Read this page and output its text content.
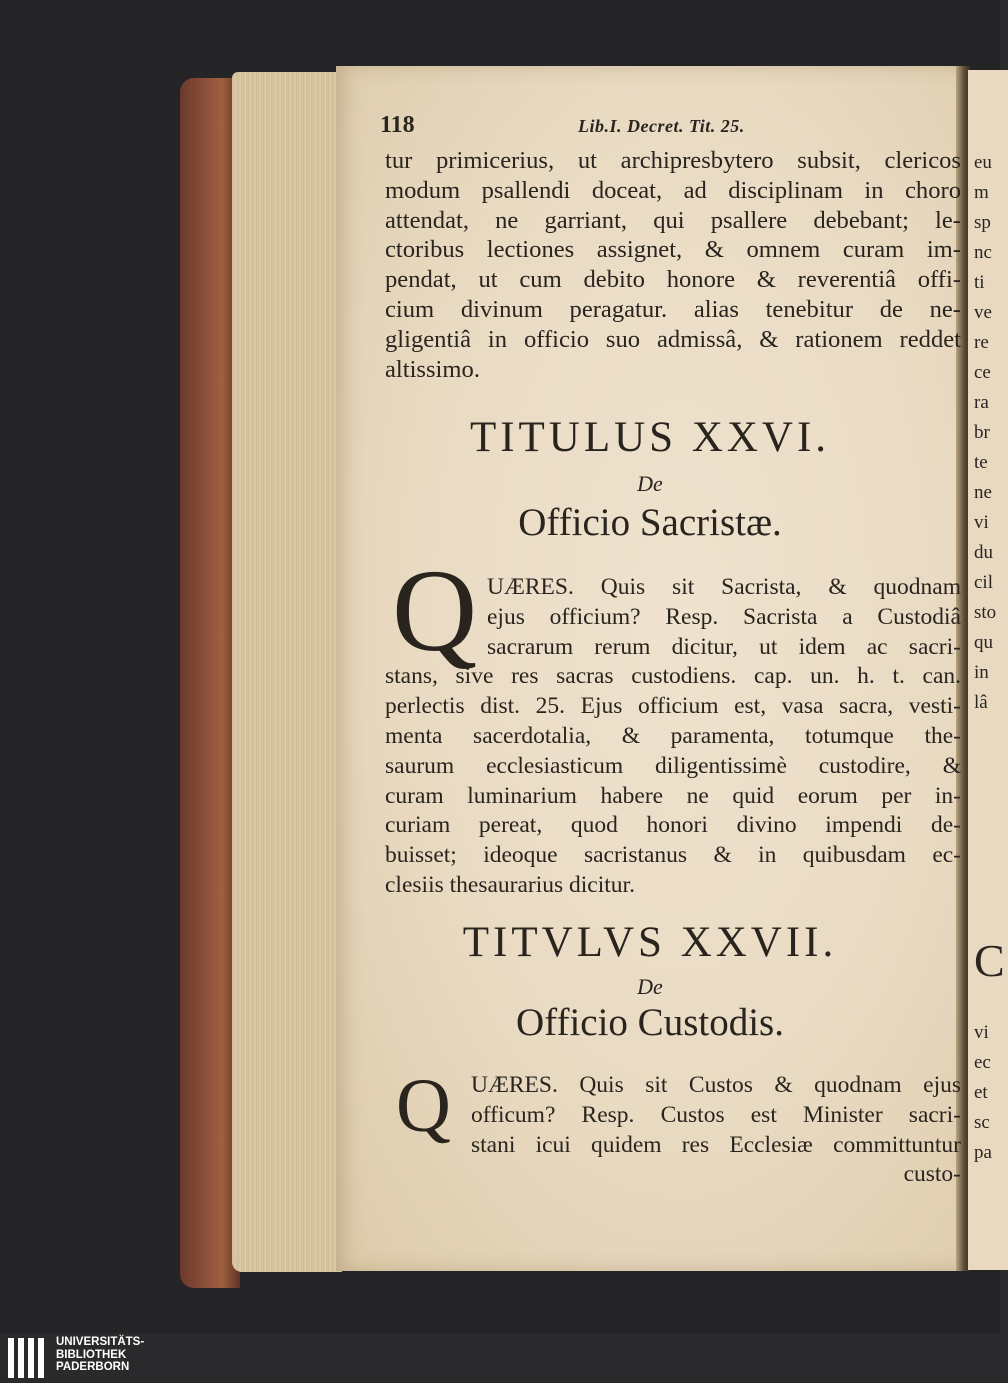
eu
m
sp
nc
ti
ve
re
ce
ra
br
te
ne
vi
du
cil
sto
qu
in
lâ
C
vi
ec
et
sc
pa
118	Lib.I. Decret. Tit. 25.
tur primicerius, ut archipresbytero subsit, clericos
modum psallendi doceat, ad disciplinam in choro
attendat, ne garriant, qui psallere debebant; le-
ctoribus lectiones assignet, & omnem curam im-
pendat, ut cum debito honore & reverentiâ offi-
cium divinum peragatur. alias tenebitur de ne-
gligentiâ in officio suo admissâ, & rationem reddet
altissimo.
TITULUS XXVI.
De
Officio Sacristæ.
Q UÆRES. Quis sit Sacrista, & quodnam
ejus officium? Resp. Sacrista a Custodiâ
sacrarum rerum dicitur, ut idem ac sacri-
stans, sive res sacras custodiens. cap. un. h. t. can.
perlectis dist. 25. Ejus officium est, vasa sacra, vesti-
menta sacerdotalia, & paramenta, totumque the-
saurum ecclesiasticum diligentissimè custodire, &
curam luminarium habere ne quid eorum per in-
curiam pereat, quod honori divino impendi de-
buisset; ideoque sacristanus & in quibusdam ec-
clesiis thesaurarius dicitur.
TITVLVS XXVII.
De
Officio Custodis.
Q UÆRES. Quis sit Custos & quodnam ejus
officum? Resp. Custos est Minister sacri-
stani icui quidem res Ecclesiæ committuntur
custo-
UNIVERSITÄTS-
BIBLIOTHEK
PADERBORN
